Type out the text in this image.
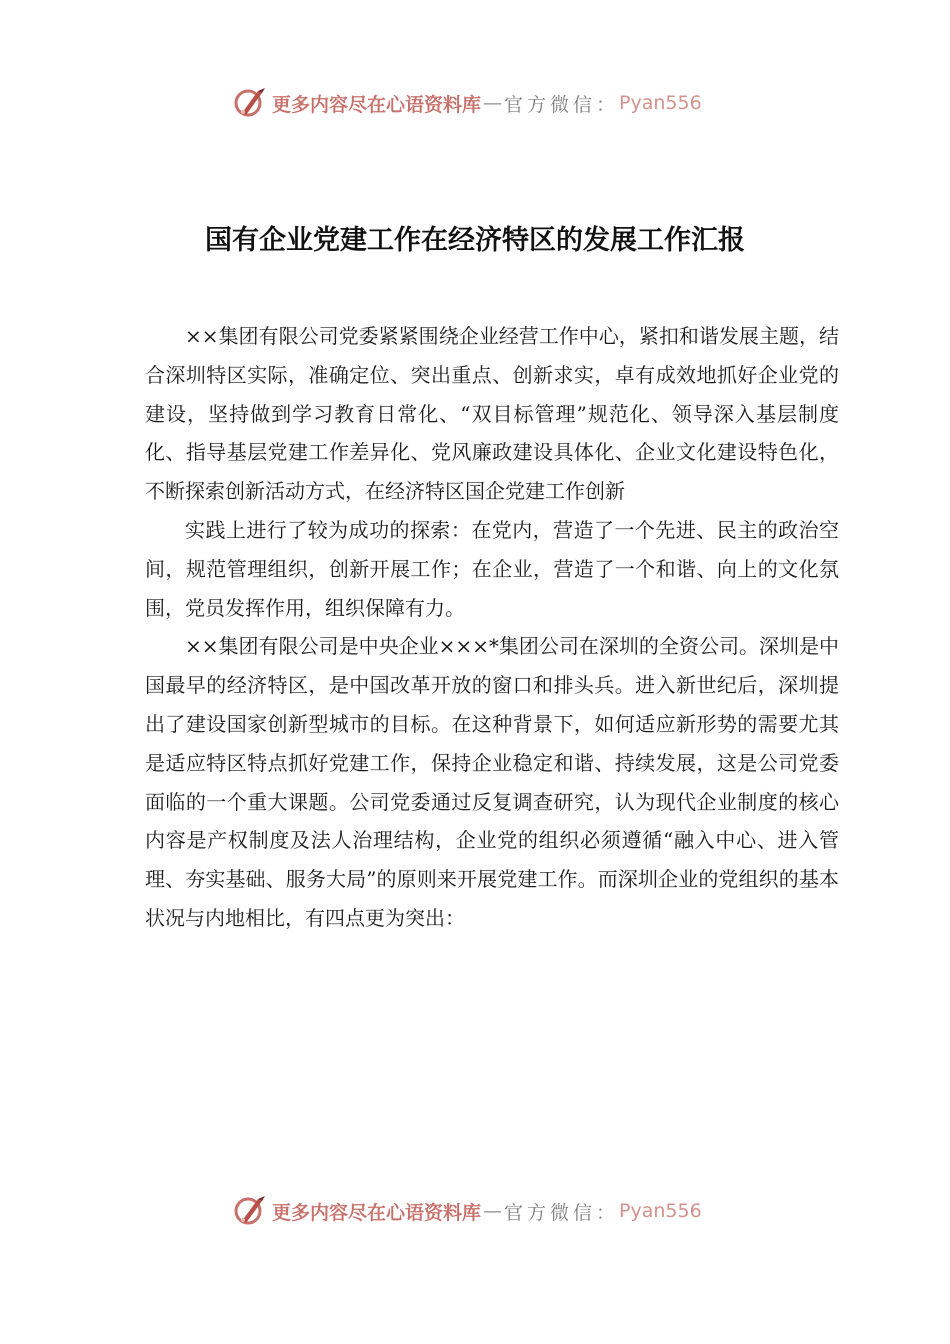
更多内容尽在心语资料库 — 官方微信： Pyan556
国有企业党建工作在经济特区的发展工作汇报

××集团有限公司党委紧紧围绕企业经营工作中心，紧扣和谐发展主题，结合深圳特区实际，准确定位、突出重点、创新求实，卓有成效地抓好企业党的建设，坚持做到学习教育日常化、“双目标管理”规范化、领导深入基层制度化、指导基层党建工作差异化、党风廉政建设具体化、企业文化建设特色化，不断探索创新活动方式，在经济特区国企党建工作创新

实践上进行了较为成功的探索：在党内，营造了一个先进、民主的政治空间，规范管理组织，创新开展工作；在企业，营造了一个和谐、向上的文化氛围，党员发挥作用，组织保障有力。

××集团有限公司是中央企业×××*集团公司在深圳的全资公司。深圳是中国最早的经济特区，是中国改革开放的窗口和排头兵。进入新世纪后，深圳提出了建设国家创新型城市的目标。在这种背景下，如何适应新形势的需要尤其是适应特区特点抓好党建工作，保持企业稳定和谐、持续发展，这是公司党委面临的一个重大课题。公司党委通过反复调查研究，认为现代企业制度的核心内容是产权制度及法人治理结构，企业党的组织必须遵循“融入中心、进入管理、夯实基础、服务大局”的原则来开展党建工作。而深圳企业的党组织的基本状况与内地相比，有四点更为突出：

更多内容尽在心语资料库 — 官方微信： Pyan556
